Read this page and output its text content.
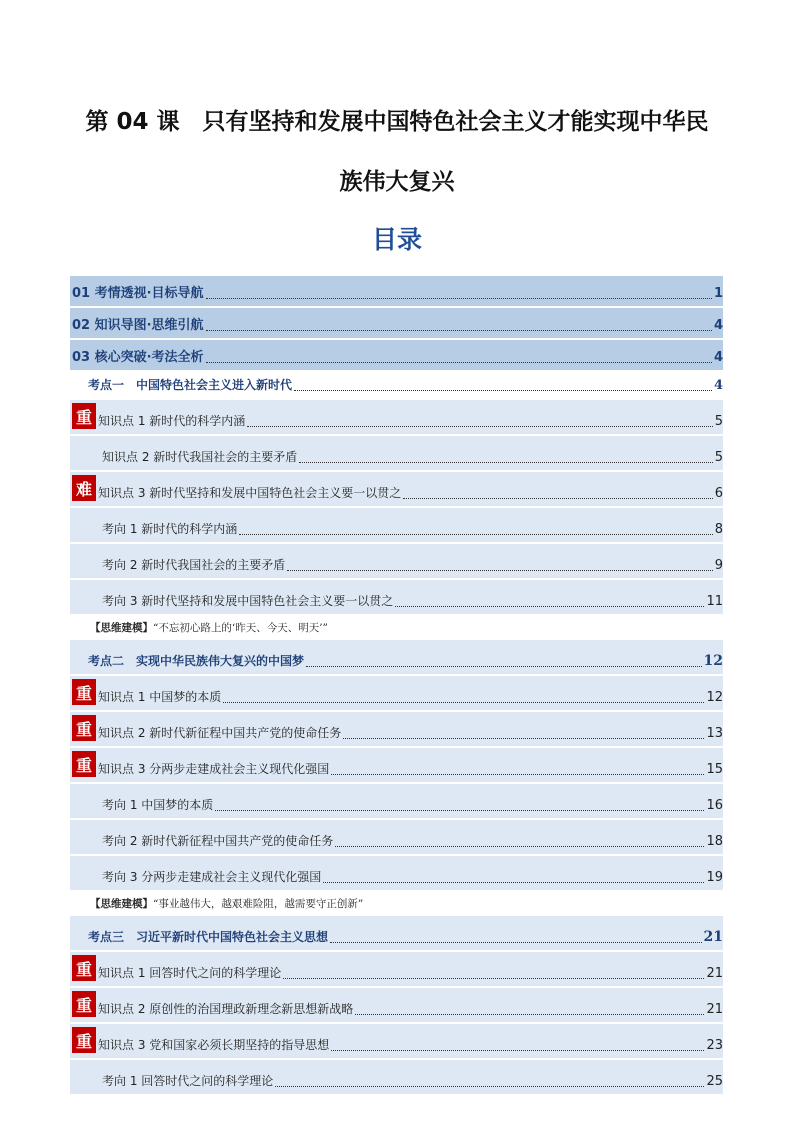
第 04 课　只有坚持和发展中国特色社会主义才能实现中华民
族伟大复兴
目录
01 考情透视·目标导航	1
02 知识导图·思维引航	4
03 核心突破·考法全析	4
考点一　中国特色社会主义进入新时代	4
重 知识点 1 新时代的科学内涵	5
知识点 2 新时代我国社会的主要矛盾	5
难 知识点 3 新时代坚持和发展中国特色社会主义要一以贯之	6
考向 1 新时代的科学内涵	8
考向 2 新时代我国社会的主要矛盾	9
考向 3 新时代坚持和发展中国特色社会主义要一以贯之	11
【思维建模】 “不忘初心路上的‘昨天、今天、明天’”
考点二　实现中华民族伟大复兴的中国梦	12
重 知识点 1 中国梦的本质	12
重 知识点 2 新时代新征程中国共产党的使命任务	13
重 知识点 3 分两步走建成社会主义现代化强国	15
考向 1 中国梦的本质	16
考向 2 新时代新征程中国共产党的使命任务	18
考向 3 分两步走建成社会主义现代化强国	19
【思维建模】 “事业越伟大，越艰难险阻，越需要守正创新”
考点三　习近平新时代中国特色社会主义思想	21
重 知识点 1 回答时代之问的科学理论	21
重 知识点 2 原创性的治国理政新理念新思想新战略	21
重 知识点 3 党和国家必须长期坚持的指导思想	23
考向 1 回答时代之问的科学理论	25
